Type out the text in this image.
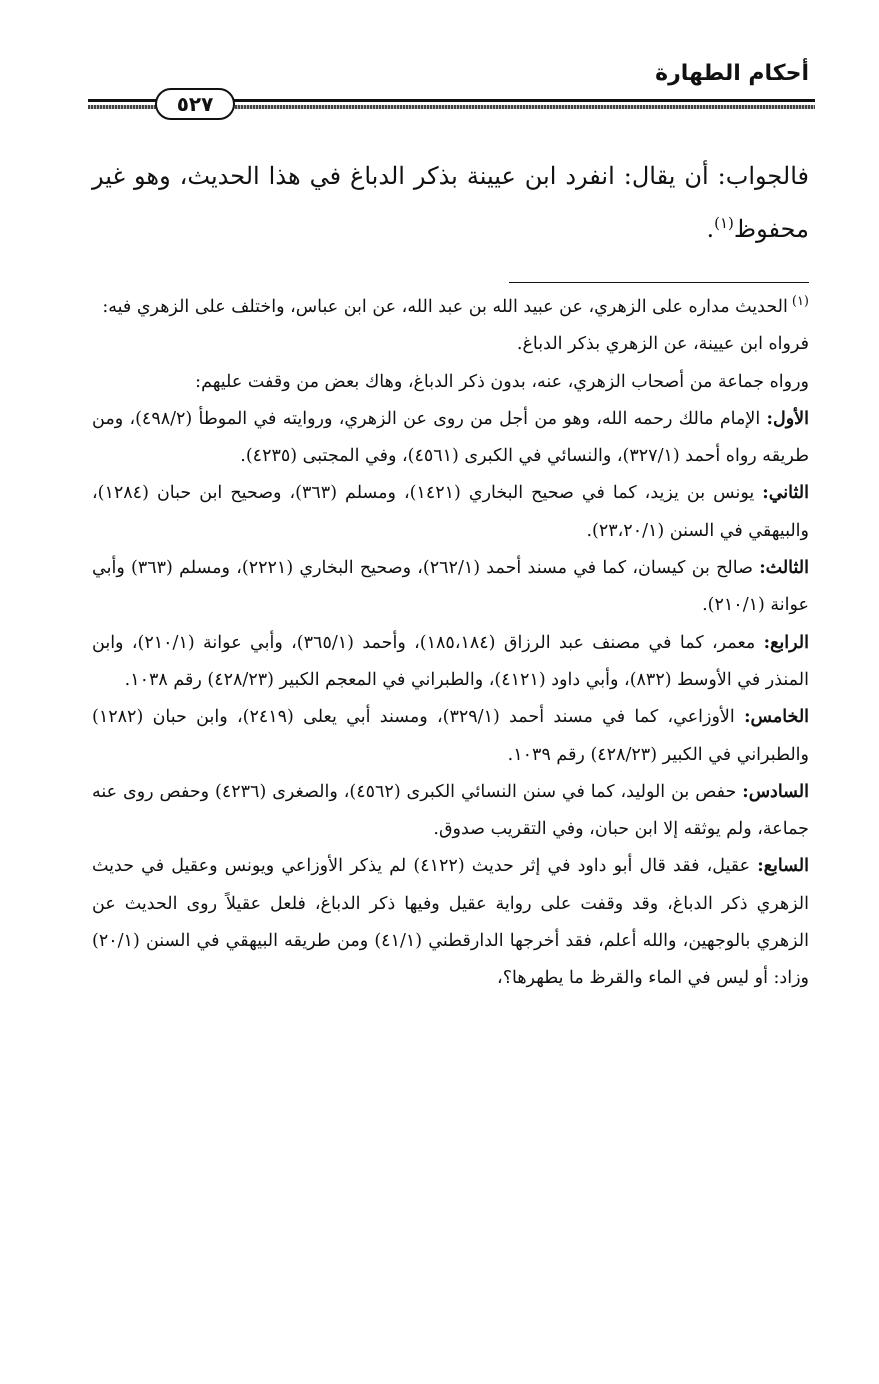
أحكام الطهارة
٥٢٧

فالجواب: أن يقال: انفرد ابن عيينة بذكر الدباغ في هذا الحديث، وهو غير محفوظ$^{(١)}$.

$^{(١)}$الحديث مداره على الزهري، عن عبيد الله بن عبد الله، عن ابن عباس، واختلف على الزهري فيه:

فرواه ابن عيينة، عن الزهري بذكر الدباغ.

ورواه جماعة من أصحاب الزهري، عنه، بدون ذكر الدباغ، وهاك بعض من وقفت عليهم:

الأول: الإمام مالك رحمه الله، وهو من أجل من روى عن الزهري، وروايته في الموطأ (٤٩٨/٢)، ومن طريقه رواه أحمد (٣٢٧/١)، والنسائي في الكبرى (٤٥٦١)، وفي المجتبى (٤٢٣٥).

الثاني: يونس بن يزيد، كما في صحيح البخاري (١٤٢١)، ومسلم (٣٦٣)، وصحيح ابن حبان (١٢٨٤)، والبيهقي في السنن (٢٣،٢٠/١).

الثالث: صالح بن كيسان، كما في مسند أحمد (٢٦٢/١)، وصحيح البخاري (٢٢٢١)، ومسلم (٣٦٣) وأبي عوانة (٢١٠/١).

الرابع: معمر، كما في مصنف عبد الرزاق (١٨٥،١٨٤)، وأحمد (٣٦٥/١)، وأبي عوانة (٢١٠/١)، وابن المنذر في الأوسط (٨٣٢)، وأبي داود (٤١٢١)، والطبراني في المعجم الكبير (٤٢٨/٢٣) رقم ١٠٣٨.

الخامس: الأوزاعي، كما في مسند أحمد (٣٢٩/١)، ومسند أبي يعلى (٢٤١٩)، وابن حبان (١٢٨٢) والطبراني في الكبير (٤٢٨/٢٣) رقم ١٠٣٩.

السادس: حفص بن الوليد، كما في سنن النسائي الكبرى (٤٥٦٢)، والصغرى (٤٢٣٦) وحفص روى عنه جماعة، ولم يوثقه إلا ابن حبان، وفي التقريب صدوق.

السابع: عقيل، فقد قال أبو داود في إثر حديث (٤١٢٢) لم يذكر الأوزاعي ويونس وعقيل في حديث الزهري ذكر الدباغ، وقد وقفت على رواية عقيل وفيها ذكر الدباغ، فلعل عقيلاً روى الحديث عن الزهري بالوجهين، والله أعلم، فقد أخرجها الدارقطني (٤١/١) ومن طريقه البيهقي في السنن (٢٠/١) وزاد: أو ليس في الماء والقرظ ما يطهرها؟،
